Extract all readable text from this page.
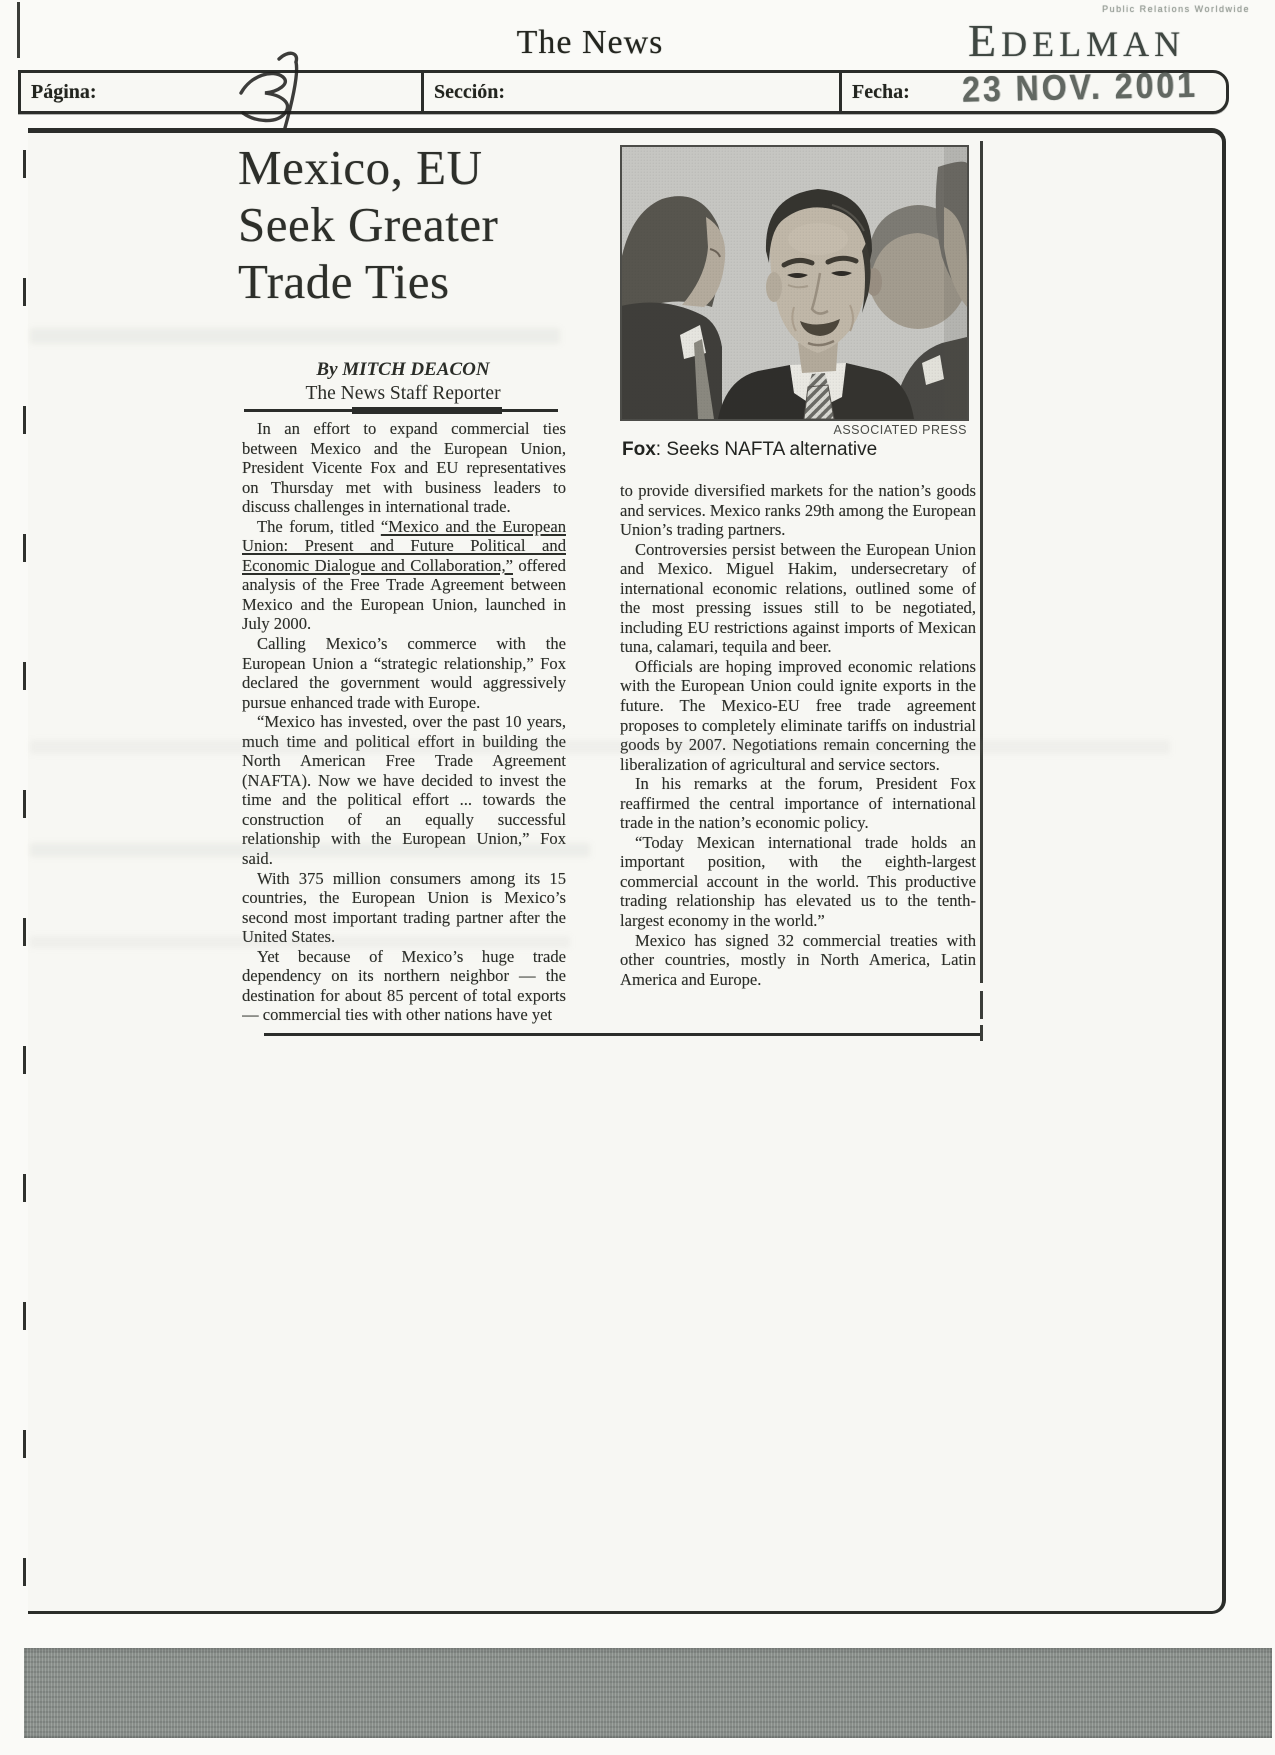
The News
Public Relations Worldwide
EDELMAN
Página:	Sección:	Fecha: 23 NOV. 2001
Mexico, EU
Seek Greater
Trade Ties
By MITCH DEACON
The News Staff Reporter
ASSOCIATED PRESS
Fox: Seeks NAFTA alternative

In an effort to expand commercial ties between Mexico and the European Union, President Vicente Fox and EU representatives on Thursday met with business leaders to discuss challenges in international trade.

The forum, titled “Mexico and the European Union: Present and Future Political and Economic Dialogue and Collaboration,” offered analysis of the Free Trade Agreement between Mexico and the European Union, launched in July 2000.

Calling Mexico’s commerce with the European Union a “strategic relationship,” Fox declared the government would aggressively pursue enhanced trade with Europe.

“Mexico has invested, over the past 10 years, much time and political effort in building the North American Free Trade Agreement (NAFTA). Now we have decided to invest the time and the political effort ... towards the construction of an equally successful relationship with the European Union,” Fox said.

With 375 million consumers among its 15 countries, the European Union is Mexico’s second most important trading partner after the United States.

Yet because of Mexico’s huge trade dependency on its northern neighbor — the destination for about 85 percent of total exports — commercial ties with other nations have yet

to provide diversified markets for the nation’s goods and services. Mexico ranks 29th among the European Union’s trading partners.

Controversies persist between the European Union and Mexico. Miguel Hakim, undersecretary of international economic relations, outlined some of the most pressing issues still to be negotiated, including EU restrictions against imports of Mexican tuna, calamari, tequila and beer.

Officials are hoping improved economic relations with the European Union could ignite exports in the future. The Mexico-EU free trade agreement proposes to completely eliminate tariffs on industrial goods by 2007. Negotiations remain concerning the liberalization of agricultural and service sectors.

In his remarks at the forum, President Fox reaffirmed the central importance of international trade in the nation’s economic policy.

“Today Mexican international trade holds an important position, with the eighth-largest commercial account in the world. This productive trading relationship has elevated us to the tenth-largest economy in the world.”

Mexico has signed 32 commercial treaties with other countries, mostly in North America, Latin America and Europe.
